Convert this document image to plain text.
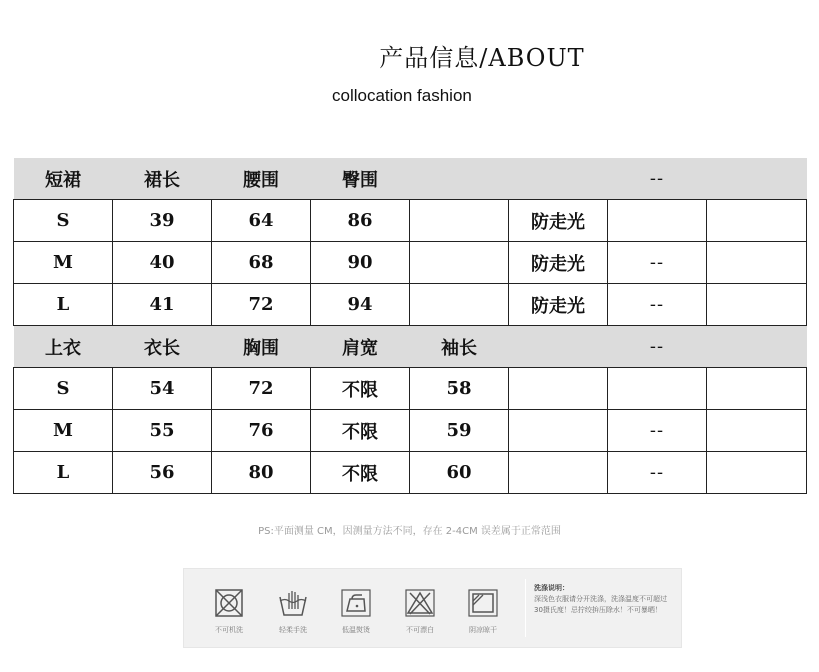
产品信息/ABOUT
collocation fashion
短裙	裙长	腰围	臀围			--	
S	39	64	86		防走光		
M	40	68	90		防走光	--	
L	41	72	94		防走光	--	
上衣	衣长	胸围	肩宽	袖长		--	
S	54	72	不限	58			
M	55	76	不限	59		--	
L	56	80	不限	60		--	
PS:平面测量 CM，因测量方法不同，存在 2-4CM 误差属于正常范围
不可机洗	轻柔手洗	低温熨烫	不可漂白	阴凉晾干
洗涤说明：
深浅色衣服请分开洗涤，洗涤温度不可超过30摄氏度！忌拧绞拚压除水！不可暴晒！
